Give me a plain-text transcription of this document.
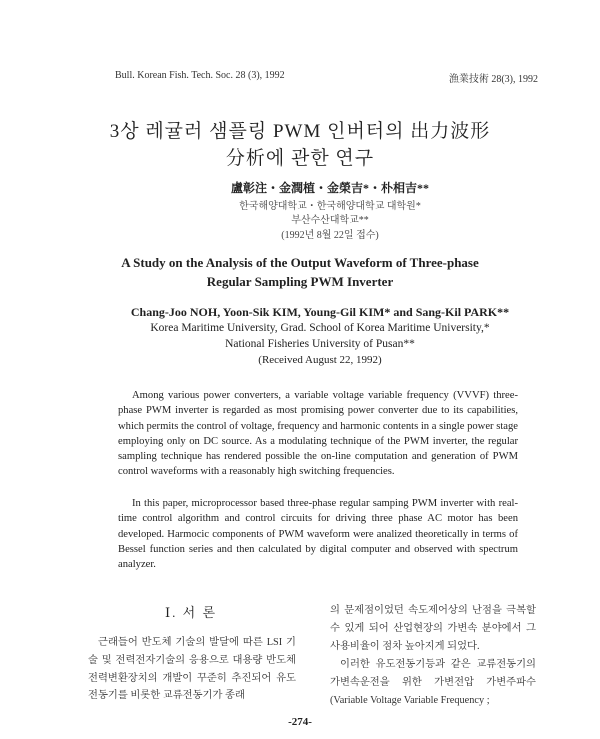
Bull. Korean Fish. Tech. Soc. 28 (3), 1992	漁業技術 28(3), 1992
3상 레귤러 샘플링 PWM 인버터의 出力波形
分析에 관한 연구
盧彰注・金潤植・金榮吉*・朴相吉**
한국해양대학교・한국해양대학교 대학원*
부산수산대학교**
(1992년 8월 22일 접수)
A Study on the Analysis of the Output Waveform of Three-phase
Regular Sampling PWM Inverter
Chang-Joo NOH, Yoon-Sik KIM, Young-Gil KIM* and Sang-Kil PARK**
Korea Maritime University, Grad. School of Korea Maritime University,*
National Fisheries University of Pusan**
(Received August 22, 1992)

Among various power converters, a variable voltage variable frequency (VVVF) three-phase PWM inverter is regarded as most promising power converter due to its capabilities, which permits the control of voltage, frequency and harmonic contents in a single power stage employing only on DC source. As a modulating technique of the PWM inverter, the regular sampling technique has rendered possible the on-line computation and generation of PWM control waveforms with a reasonably high switching frequencies.

In this paper, microprocessor based three-phase regular samping PWM inverter with real-time control algorithm and control circuits for driving three phase AC motor has been developed. Harmocic components of PWM waveform were analized theoretically in terms of Bessel function series and then calculated by digital computer and observed with spectrum analyzer.

Ⅰ. 서 론

근래들어 반도체 기술의 발달에 따른 LSI 기술 및 전력전자기술의 응용으로 대용량 반도체 전력변환장치의 개발이 꾸준히 추진되어 유도전동기를 비롯한 교류전동기가 종래

의 문제점이었던 속도제어상의 난점을 극복할 수 있게 되어 산업현장의 가변속 분야에서 그 사용비율이 점차 높아지게 되었다.

이러한 유도전동기등과 같은 교류전동기의 가변속운전을 위한 가변전압 가변주파수 (Variable Voltage Variable Frequency ;

-274-
